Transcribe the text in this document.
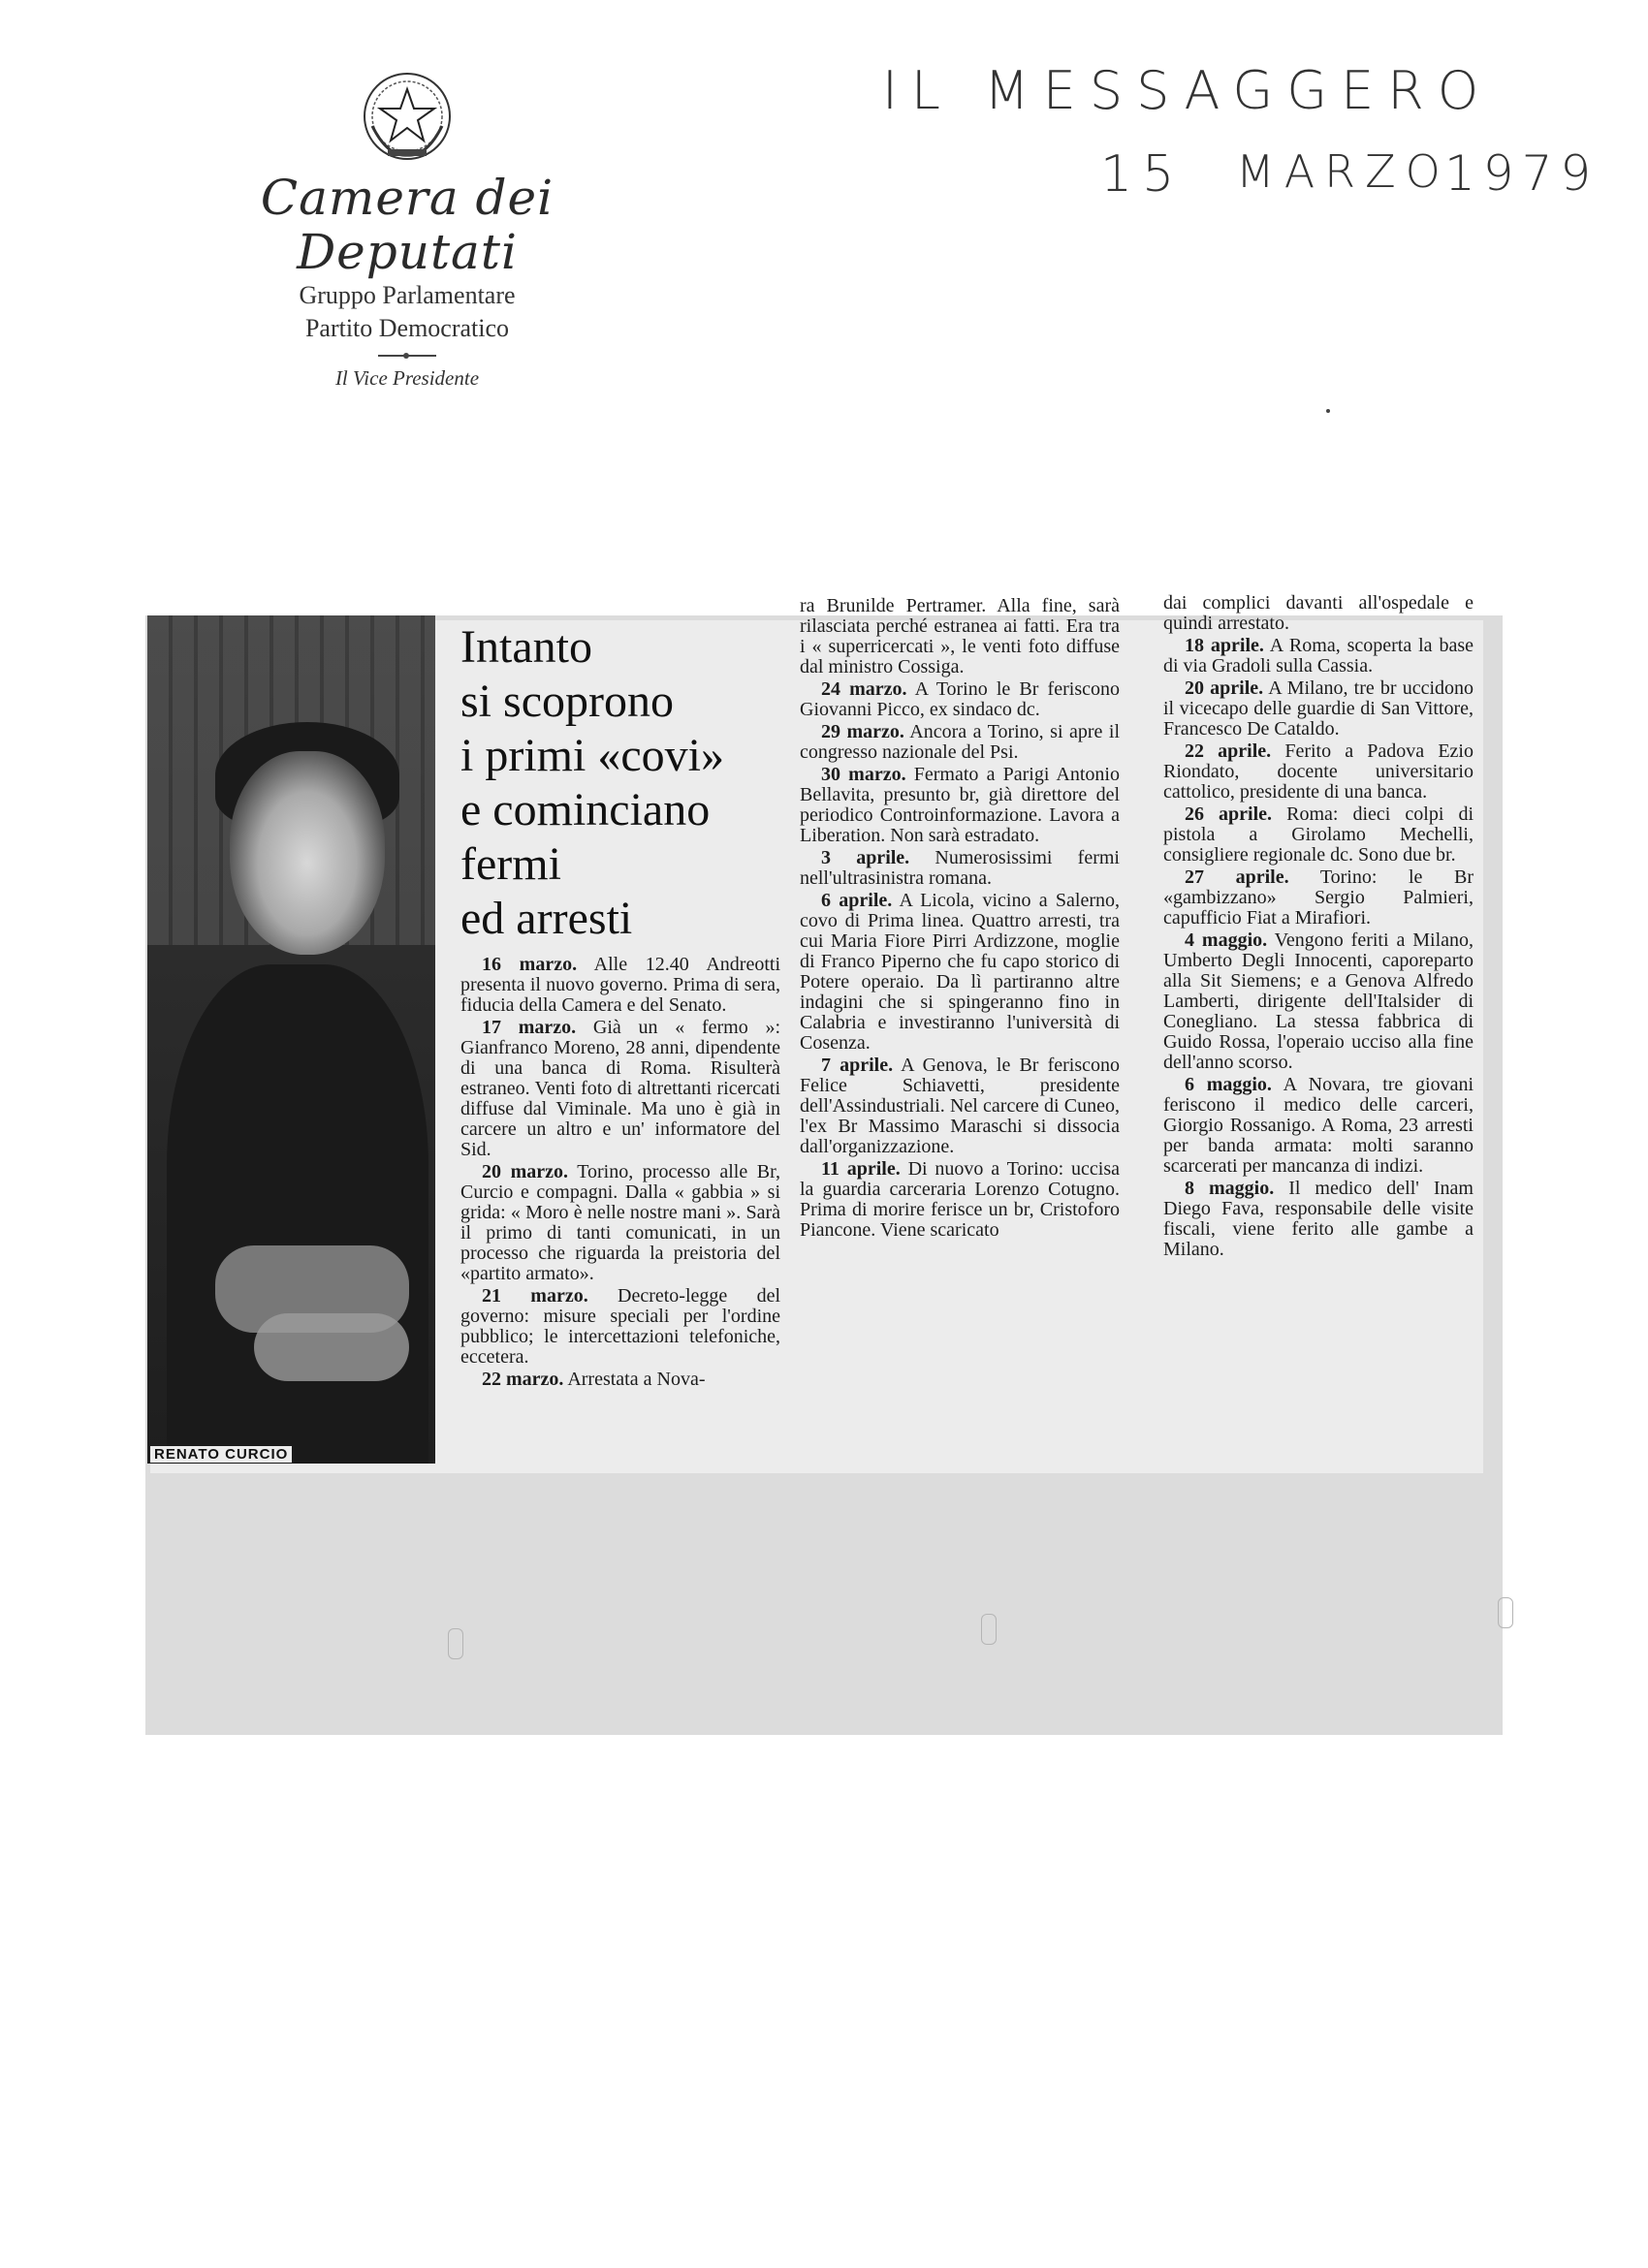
Camera dei Deputati
Gruppo Parlamentare
Partito Democratico
Il Vice Presidente
IL MESSAGGERO
15 MARZO
1979
RENATO CURCIO
Intanto
si scoprono
i primi «covi»
e cominciano
fermi
ed arresti

16 marzo. Alle 12.40 Andreotti presenta il nuovo governo. Prima di sera, fiducia della Camera e del Senato.

17 marzo. Già un « fermo »: Gianfranco Moreno, 28 anni, dipendente di una banca di Roma. Risulterà estraneo. Venti foto di altrettanti ricercati diffuse dal Viminale. Ma uno è già in carcere un altro e un' informatore del Sid.

20 marzo. Torino, processo alle Br, Curcio e compagni. Dalla « gabbia » si grida: « Moro è nelle nostre mani ». Sarà il primo di tanti comunicati, in un processo che riguarda la preistoria del «partito armato».

21 marzo. Decreto-legge del governo: misure speciali per l'ordine pubblico; le intercettazioni telefoniche, eccetera.

22 marzo. Arrestata a Nova-

ra Brunilde Pertramer. Alla fine, sarà rilasciata perché estranea ai fatti. Era tra i « superricercati », le venti foto diffuse dal ministro Cossiga.

24 marzo. A Torino le Br feriscono Giovanni Picco, ex sindaco dc.

29 marzo. Ancora a Torino, si apre il congresso nazionale del Psi.

30 marzo. Fermato a Parigi Antonio Bellavita, presunto br, già direttore del periodico Controinformazione. Lavora a Liberation. Non sarà estradato.

3 aprile. Numerosissimi fermi nell'ultrasinistra romana.

6 aprile. A Licola, vicino a Salerno, covo di Prima linea. Quattro arresti, tra cui Maria Fiore Pirri Ardizzone, moglie di Franco Piperno che fu capo storico di Potere operaio. Da lì partiranno altre indagini che si spingeranno fino in Calabria e investiranno l'università di Cosenza.

7 aprile. A Genova, le Br feriscono Felice Schiavetti, presidente dell'Assindustriali. Nel carcere di Cuneo, l'ex Br Massimo Maraschi si dissocia dall'organizzazione.

11 aprile. Di nuovo a Torino: uccisa la guardia carceraria Lorenzo Cotugno. Prima di morire ferisce un br, Cristoforo Piancone. Viene scaricato

dai complici davanti all'ospedale e quindi arrestato.

18 aprile. A Roma, scoperta la base di via Gradoli sulla Cassia.

20 aprile. A Milano, tre br uccidono il vicecapo delle guardie di San Vittore, Francesco De Cataldo.

22 aprile. Ferito a Padova Ezio Riondato, docente universitario cattolico, presidente di una banca.

26 aprile. Roma: dieci colpi di pistola a Girolamo Mechelli, consigliere regionale dc. Sono due br.

27 aprile. Torino: le Br «gambizzano» Sergio Palmieri, capufficio Fiat a Mirafiori.

4 maggio. Vengono feriti a Milano, Umberto Degli Innocenti, caporeparto alla Sit Siemens; e a Genova Alfredo Lamberti, dirigente dell'Italsider di Conegliano. La stessa fabbrica di Guido Rossa, l'operaio ucciso alla fine dell'anno scorso.

6 maggio. A Novara, tre giovani feriscono il medico delle carceri, Giorgio Rossanigo. A Roma, 23 arresti per banda armata: molti saranno scarcerati per mancanza di indizi.

8 maggio. Il medico dell' Inam Diego Fava, responsabile delle visite fiscali, viene ferito alle gambe a Milano.
